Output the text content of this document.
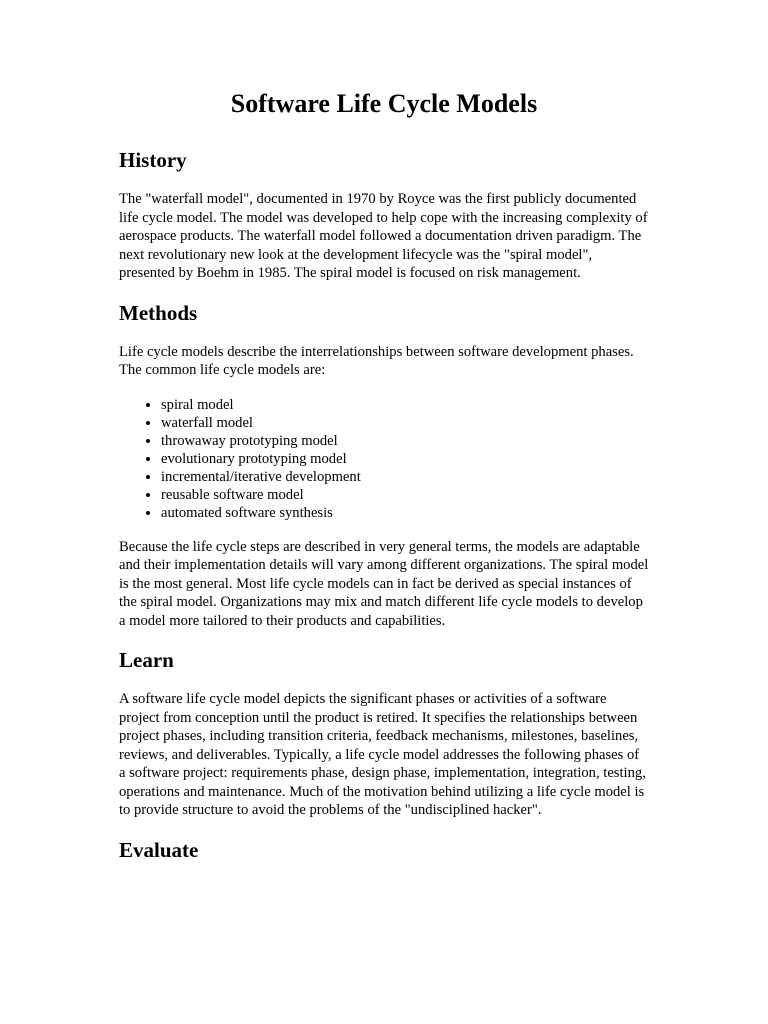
Software Life Cycle Models
History

The "waterfall model", documented in 1970 by Royce was the first publicly documented life cycle model. The model was developed to help cope with the increasing complexity of aerospace products. The waterfall model followed a documentation driven paradigm. The next revolutionary new look at the development lifecycle was the "spiral model", presented by Boehm in 1985. The spiral model is focused on risk management.

Methods

Life cycle models describe the interrelationships between software development phases. The common life cycle models are:

• spiral model
• waterfall model
• throwaway prototyping model
• evolutionary prototyping model
• incremental/iterative development
• reusable software model
• automated software synthesis

Because the life cycle steps are described in very general terms, the models are adaptable and their implementation details will vary among different organizations. The spiral model is the most general. Most life cycle models can in fact be derived as special instances of the spiral model. Organizations may mix and match different life cycle models to develop a model more tailored to their products and capabilities.

Learn

A software life cycle model depicts the significant phases or activities of a software project from conception until the product is retired. It specifies the relationships between project phases, including transition criteria, feedback mechanisms, milestones, baselines, reviews, and deliverables. Typically, a life cycle model addresses the following phases of a software project: requirements phase, design phase, implementation, integration, testing, operations and maintenance. Much of the motivation behind utilizing a life cycle model is to provide structure to avoid the problems of the "undisciplined hacker".

Evaluate
